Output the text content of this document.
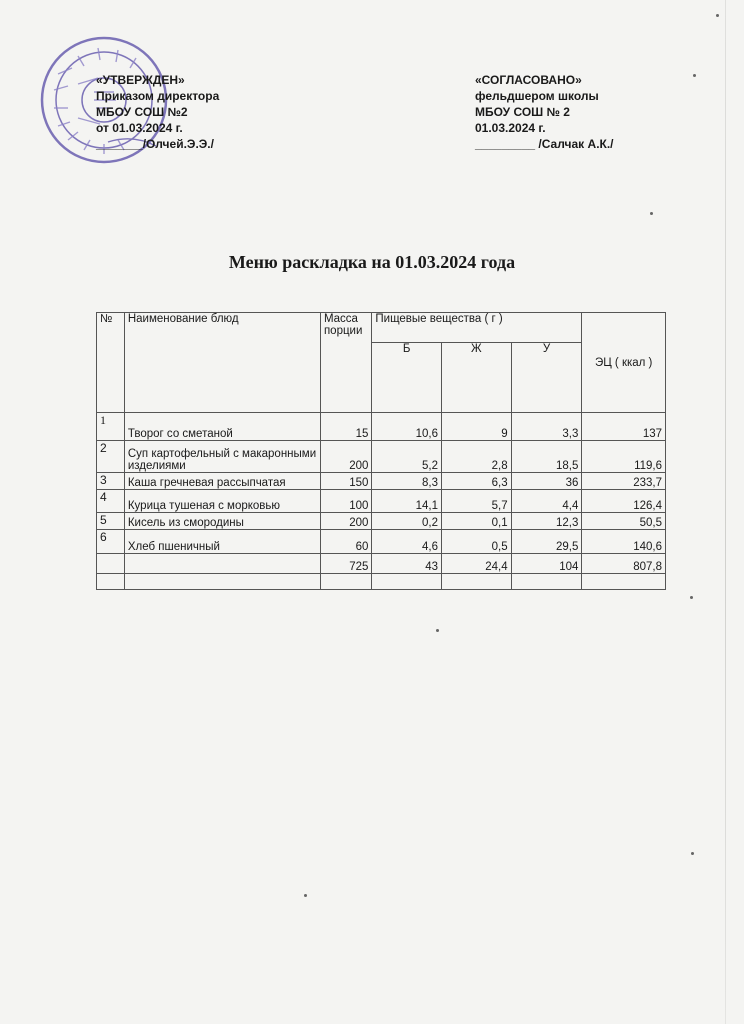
«УТВЕРЖДЕН»
Приказом директора
МБОУ СОШ №2
от 01.03.2024 г.
_______/Олчей.Э.Э./
«СОГЛАСОВАНО»
фельдшером школы
МБОУ СОШ № 2
01.03.2024 г.
_________ /Салчак А.К./
Меню раскладка на 01.03.2024 года
№	Наименование блюд	Масса порции	Пищевые вещества ( г )			ЭЦ ( ккал )
			Б	Ж	У	
1	Творог со сметаной	15	10,6	9	3,3	137
2	Суп картофельный с макаронными изделиями	200	5,2	2,8	18,5	119,6
3	Каша гречневая рассыпчатая	150	8,3	6,3	36	233,7
4	Курица тушеная с морковью	100	14,1	5,7	4,4	126,4
5	Кисель из смородины	200	0,2	0,1	12,3	50,5
6	Хлеб пшеничный	60	4,6	0,5	29,5	140,6
		725	43	24,4	104	807,8
